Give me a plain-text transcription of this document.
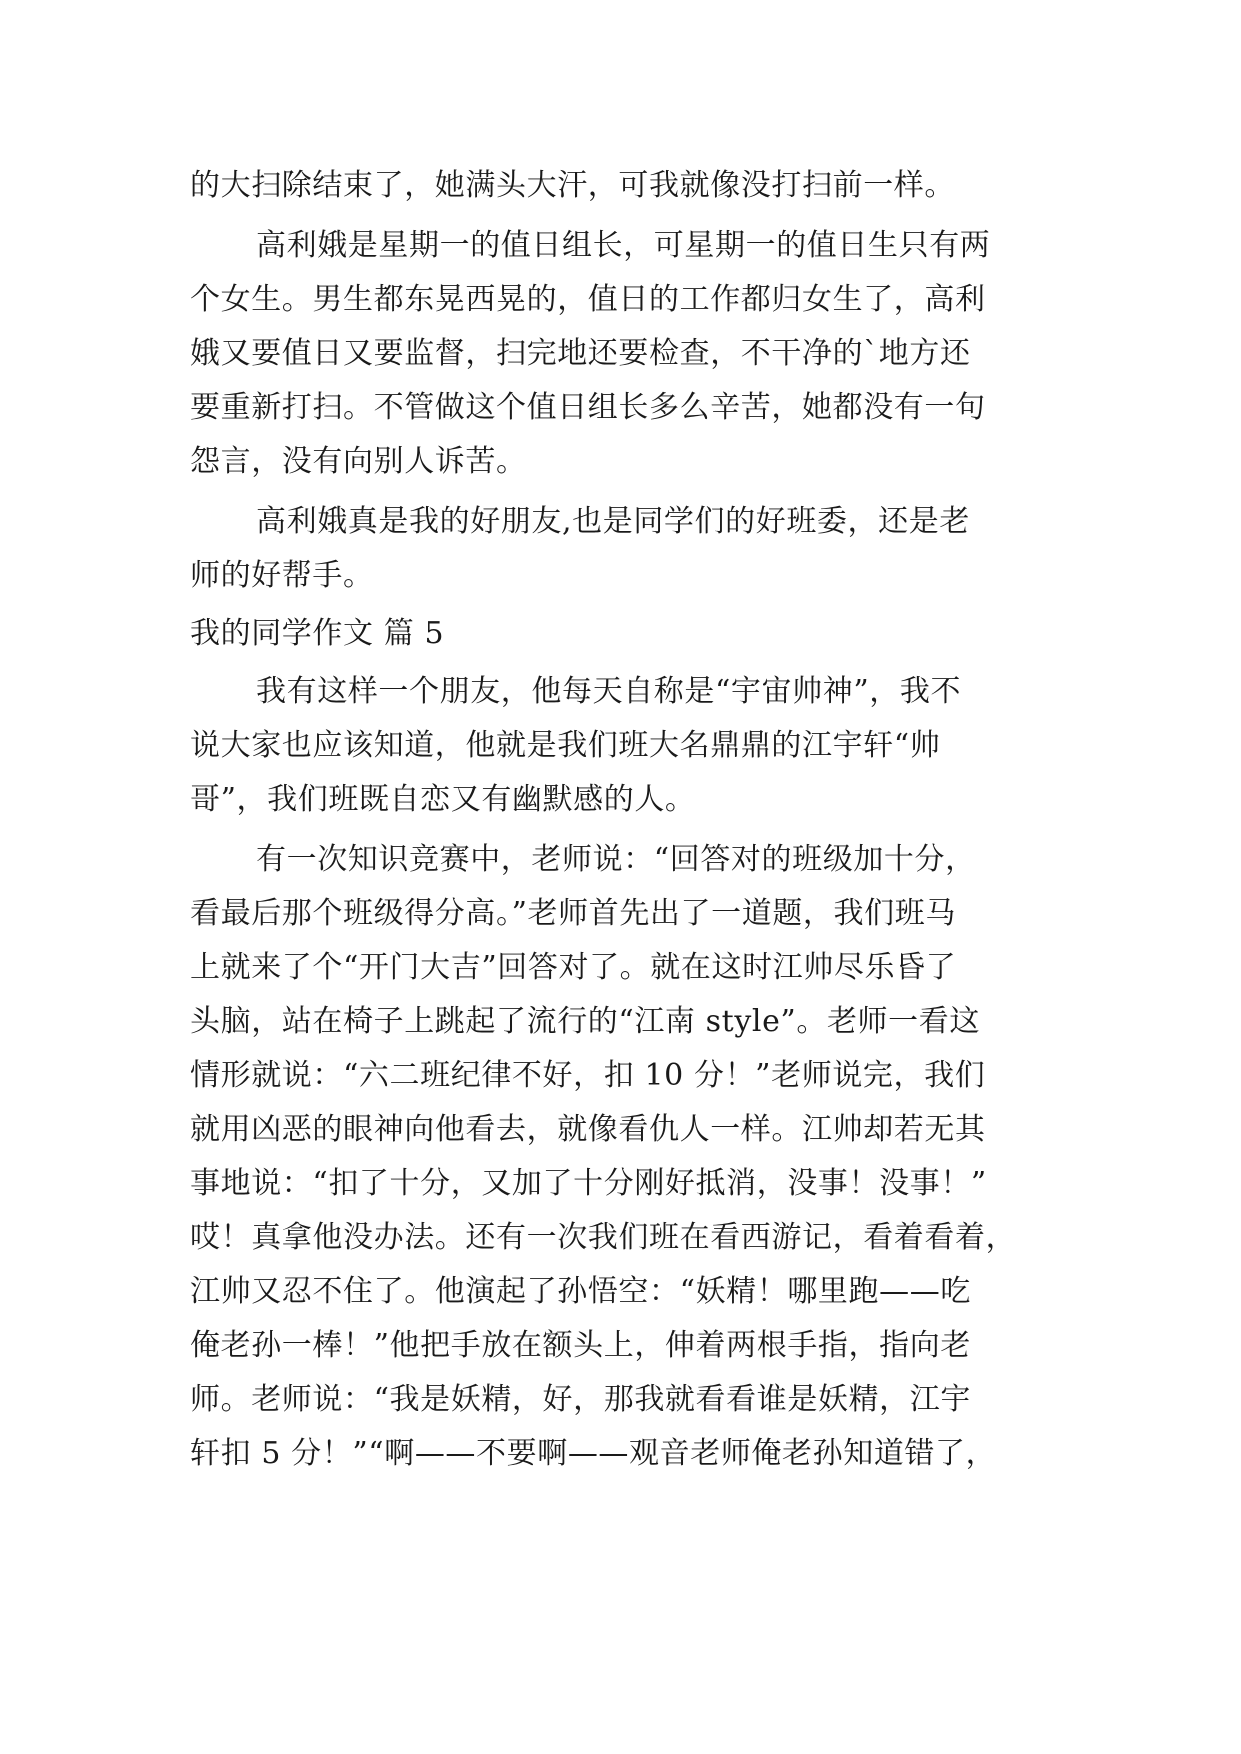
的大扫除结束了，她满头大汗，可我就像没打扫前一样。
高利娥是星期一的值日组长，可星期一的值日生只有两
个女生。男生都东晃西晃的，值日的工作都归女生了，高利
娥又要值日又要监督，扫完地还要检查，不干净的`地方还
要重新打扫。不管做这个值日组长多么辛苦，她都没有一句
怨言，没有向别人诉苦。
高利娥真是我的好朋友,也是同学们的好班委，还是老
师的好帮手。
我的同学作文 篇 5
我有这样一个朋友，他每天自称是“宇宙帅神”，我不
说大家也应该知道，他就是我们班大名鼎鼎的江宇轩“帅
哥”，我们班既自恋又有幽默感的人。
有一次知识竞赛中，老师说：“回答对的班级加十分，
看最后那个班级得分高。”老师首先出了一道题，我们班马
上就来了个“开门大吉”回答对了。就在这时江帅尽乐昏了
头脑，站在椅子上跳起了流行的“江南 style”。老师一看这
情形就说：“六二班纪律不好，扣 10 分！”老师说完，我们
就用凶恶的眼神向他看去，就像看仇人一样。江帅却若无其
事地说：“扣了十分，又加了十分刚好抵消，没事！没事！”
哎！真拿他没办法。还有一次我们班在看西游记，看着看着，
江帅又忍不住了。他演起了孙悟空：“妖精！哪里跑——吃
俺老孙一棒！”他把手放在额头上，伸着两根手指，指向老
师。老师说：“我是妖精，好，那我就看看谁是妖精，江宇
轩扣 5 分！”“啊——不要啊——观音老师俺老孙知道错了，
